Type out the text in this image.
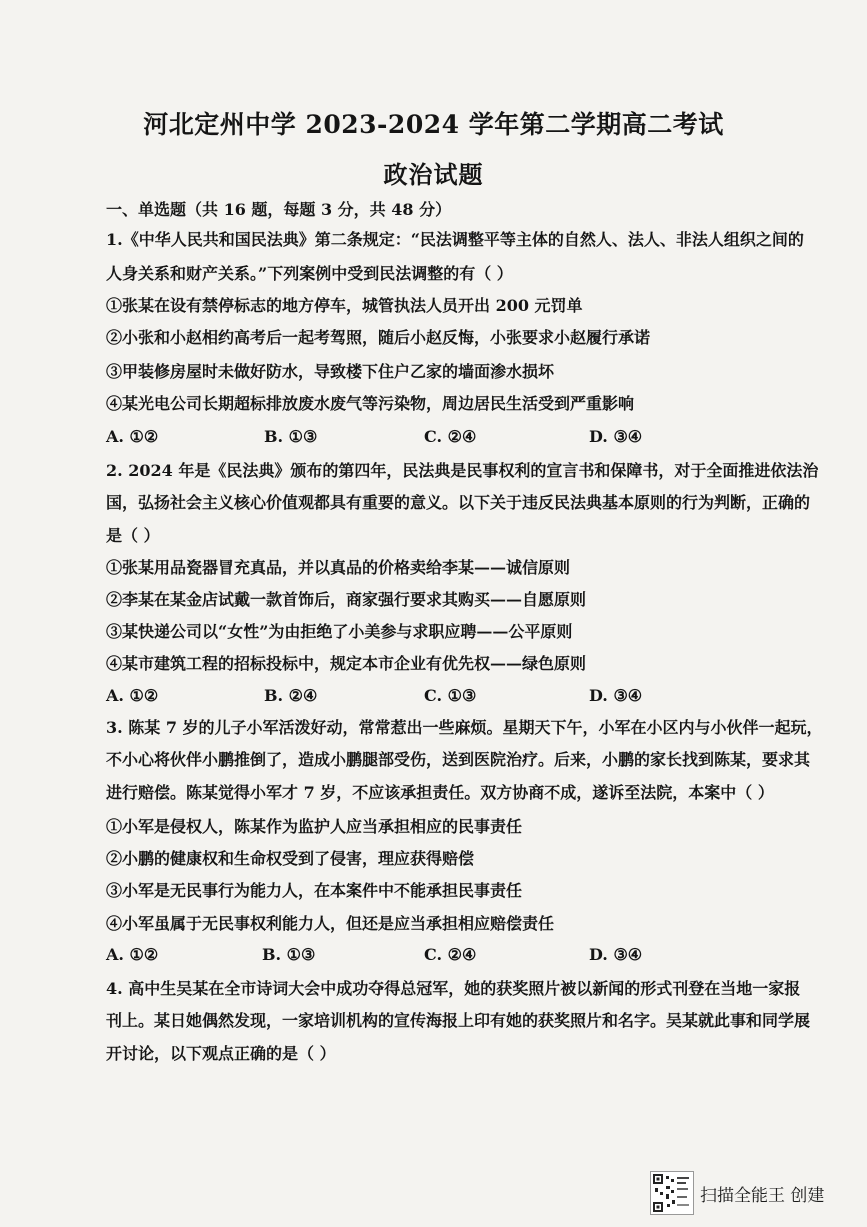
河北定州中学 2023-2024 学年第二学期高二考试
政治试题
一、单选题（共 16 题，每题 3 分，共 48 分）
1.《中华人民共和国民法典》第二条规定：“民法调整平等主体的自然人、法人、非法人组织之间的
人身关系和财产关系。”下列案例中受到民法调整的有（ ）
①张某在设有禁停标志的地方停车，城管执法人员开出 200 元罚单
②小张和小赵相约高考后一起考驾照，随后小赵反悔，小张要求小赵履行承诺
③甲装修房屋时未做好防水，导致楼下住户乙家的墙面渗水损坏
④某光电公司长期超标排放废水废气等污染物，周边居民生活受到严重影响
A. ①②	B. ①③	C. ②④	D. ③④
2. 2024 年是《民法典》颁布的第四年，民法典是民事权利的宣言书和保障书，对于全面推进依法治
国，弘扬社会主义核心价值观都具有重要的意义。以下关于违反民法典基本原则的行为判断，正确的
是（ ）
①张某用品瓷器冒充真品，并以真品的价格卖给李某——诚信原则
②李某在某金店试戴一款首饰后，商家强行要求其购买——自愿原则
③某快递公司以“女性”为由拒绝了小美参与求职应聘——公平原则
④某市建筑工程的招标投标中，规定本市企业有优先权——绿色原则
A. ①②	B. ②④	C. ①③	D. ③④
3. 陈某 7 岁的儿子小军活泼好动，常常惹出一些麻烦。星期天下午，小军在小区内与小伙伴一起玩，
不小心将伙伴小鹏推倒了，造成小鹏腿部受伤，送到医院治疗。后来，小鹏的家长找到陈某，要求其
进行赔偿。陈某觉得小军才 7 岁，不应该承担责任。双方协商不成，遂诉至法院，本案中（ ）
①小军是侵权人，陈某作为监护人应当承担相应的民事责任
②小鹏的健康权和生命权受到了侵害，理应获得赔偿
③小军是无民事行为能力人，在本案件中不能承担民事责任
④小军虽属于无民事权利能力人，但还是应当承担相应赔偿责任
A. ①②	B. ①③	C. ②④	D. ③④
4. 高中生吴某在全市诗词大会中成功夺得总冠军，她的获奖照片被以新闻的形式刊登在当地一家报
刊上。某日她偶然发现，一家培训机构的宣传海报上印有她的获奖照片和名字。吴某就此事和同学展
开讨论，以下观点正确的是（ ）
扫描全能王 创建
